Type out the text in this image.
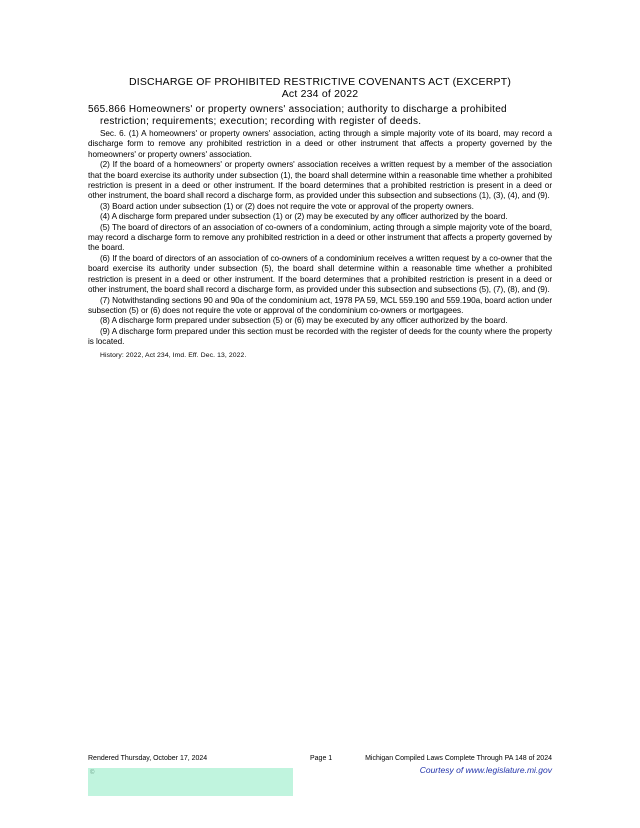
DISCHARGE OF PROHIBITED RESTRICTIVE COVENANTS ACT (EXCERPT)
Act 234 of 2022

565.866 Homeowners' or property owners' association; authority to discharge a prohibited restriction; requirements; execution; recording with register of deeds.

Sec. 6. (1) A homeowners' or property owners' association, acting through a simple majority vote of its board, may record a discharge form to remove any prohibited restriction in a deed or other instrument that affects a property governed by the homeowners' or property owners' association.

(2) If the board of a homeowners' or property owners' association receives a written request by a member of the association that the board exercise its authority under subsection (1), the board shall determine within a reasonable time whether a prohibited restriction is present in a deed or other instrument. If the board determines that a prohibited restriction is present in a deed or other instrument, the board shall record a discharge form, as provided under this subsection and subsections (1), (3), (4), and (9).

(3) Board action under subsection (1) or (2) does not require the vote or approval of the property owners.

(4) A discharge form prepared under subsection (1) or (2) may be executed by any officer authorized by the board.

(5) The board of directors of an association of co-owners of a condominium, acting through a simple majority vote of the board, may record a discharge form to remove any prohibited restriction in a deed or other instrument that affects a property governed by the board.

(6) If the board of directors of an association of co-owners of a condominium receives a written request by a co-owner that the board exercise its authority under subsection (5), the board shall determine within a reasonable time whether a prohibited restriction is present in a deed or other instrument. If the board determines that a prohibited restriction is present in a deed or other instrument, the board shall record a discharge form, as provided under this subsection and subsections (5), (7), (8), and (9).

(7) Notwithstanding sections 90 and 90a of the condominium act, 1978 PA 59, MCL 559.190 and 559.190a, board action under subsection (5) or (6) does not require the vote or approval of the condominium co-owners or mortgagees.

(8) A discharge form prepared under subsection (5) or (6) may be executed by any officer authorized by the board.

(9) A discharge form prepared under this section must be recorded with the register of deeds for the county where the property is located.

History: 2022, Act 234, Imd. Eff. Dec. 13, 2022.

Rendered Thursday, October 17, 2024	Page 1	Michigan Compiled Laws Complete Through PA 148 of 2024
©	Courtesy of www.legislature.mi.gov
